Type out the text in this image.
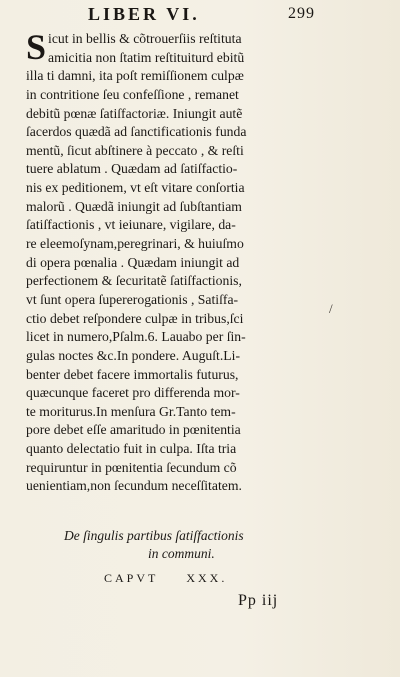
LIBER VI.	299
S icut in bellis & cõtrouerſiis reſtituta
amicitia non ſtatim reſtituiturd ebitũ
illa ti damni, ita poſt remiſſionem culpæ
in contritione ſeu confeſſione , remanet
debitũ pœnæ ſatiſfactoriæ. Iniungit autẽ
ſacerdos quædã ad ſanctificationis funda
mentũ, ſicut abſtinere à peccato , & reſti
tuere ablatum . Quædam ad ſatiſfactio-
nis ex peditionem, vt eſt vitare conſortia
malorũ . Quædã iniungit ad ſubſtantiam
ſatiſfactionis , vt ieiunare, vigilare, da-
re eleemoſynam,peregrinari, & huiuſmo
di opera pœnalia . Quædam iniungit ad
perfectionem & ſecuritatẽ ſatiſfactionis,
vt ſunt opera ſupererogationis , Satiſfa-
ctio debet reſpondere culpæ in tribus,ſci
licet in numero,Pſalm.6. Lauabo per ſin-
gulas noctes &c.In pondere. Auguſt.Li-
benter debet facere immortalis futurus,
quæcunque faceret pro differenda mor-
te moriturus.In menſura Gr.Tanto tem-
pore debet eſſe amaritudo in pœnitentia
quanto delectatio fuit in culpa. Iſta tria
requiruntur in pœnitentia ſecundum cõ
uenientiam,non ſecundum neceſſitatem.
/
De ſingulis partibus ſatiſfactionis
in communi.
CAPVT XXX.
Pp iij
